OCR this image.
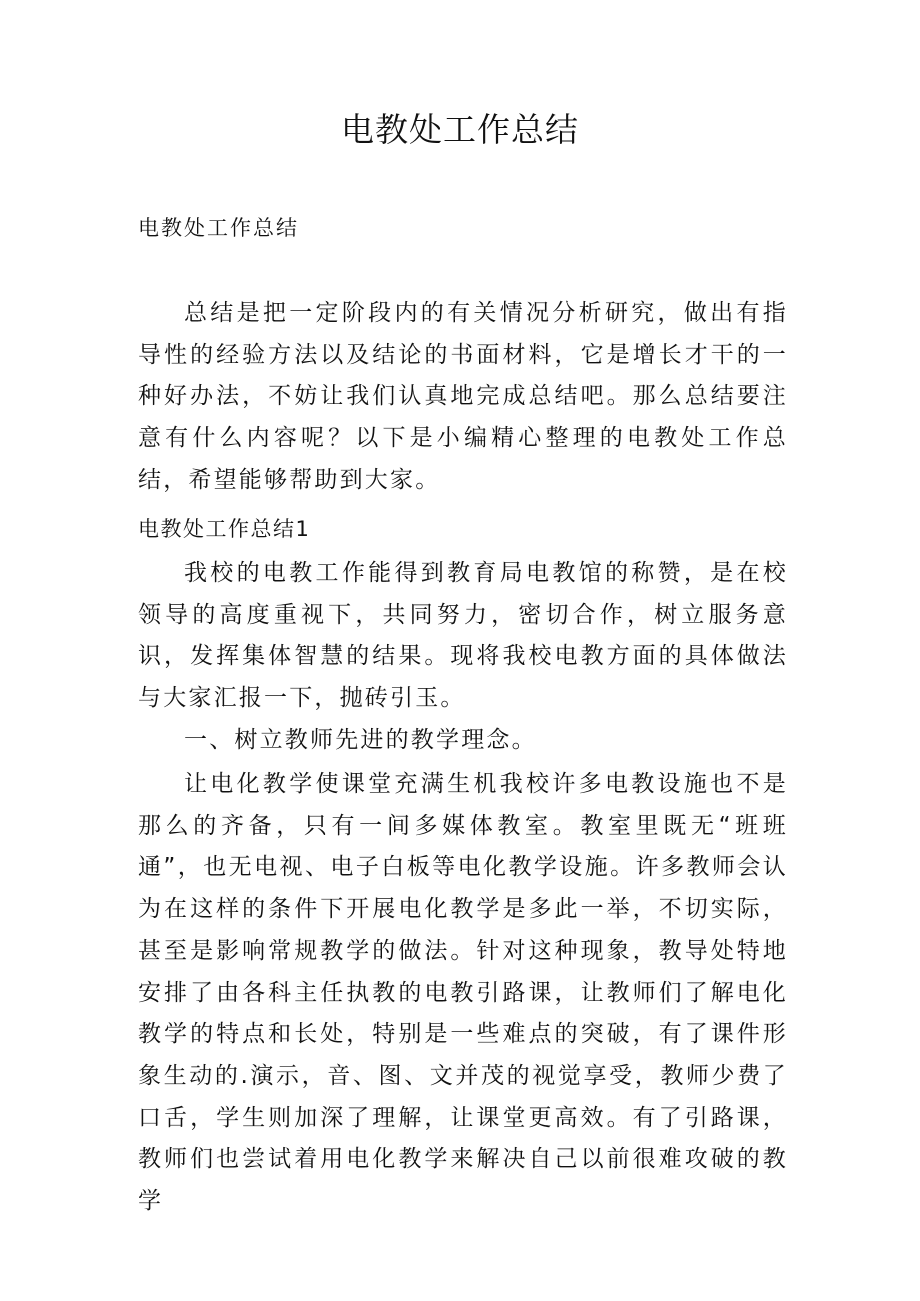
电教处工作总结
电教处工作总结

总结是把一定阶段内的有关情况分析研究，做出有指导性的经验方法以及结论的书面材料，它是增长才干的一种好办法，不妨让我们认真地完成总结吧。那么总结要注意有什么内容呢？以下是小编精心整理的电教处工作总结，希望能够帮助到大家。

电教处工作总结1

我校的电教工作能得到教育局电教馆的称赞，是在校领导的高度重视下，共同努力，密切合作，树立服务意识，发挥集体智慧的结果。现将我校电教方面的具体做法与大家汇报一下，抛砖引玉。

一、树立教师先进的教学理念。

让电化教学使课堂充满生机我校许多电教设施也不是那么的齐备，只有一间多媒体教室。教室里既无“班班通”，也无电视、电子白板等电化教学设施。许多教师会认为在这样的条件下开展电化教学是多此一举，不切实际，甚至是影响常规教学的做法。针对这种现象，教导处特地安排了由各科主任执教的电教引路课，让教师们了解电化教学的特点和长处，特别是一些难点的突破，有了课件形象生动的.演示，音、图、文并茂的视觉享受，教师少费了口舌，学生则加深了理解，让课堂更高效。有了引路课，教师们也尝试着用电化教学来解决自己以前很难攻破的教学
